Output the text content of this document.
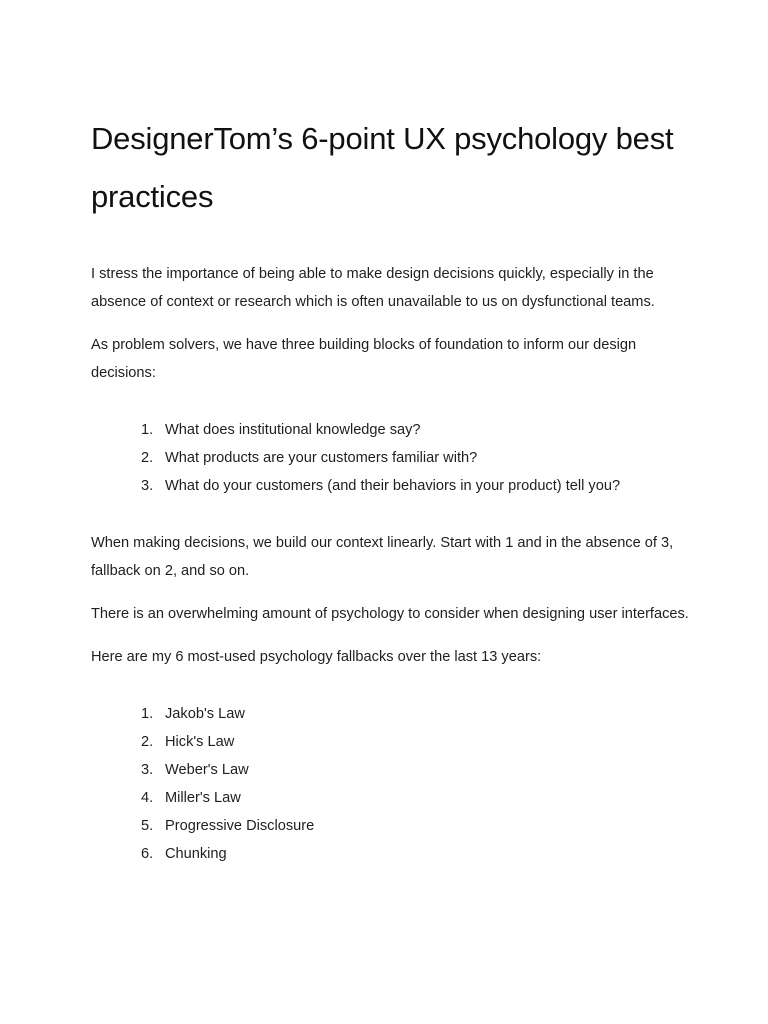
DesignerTom’s 6-point UX psychology best practices

I stress the importance of being able to make design decisions quickly, especially in the absence of context or research which is often unavailable to us on dysfunctional teams.

As problem solvers, we have three building blocks of foundation to inform our design decisions:

1. What does institutional knowledge say?
2. What products are your customers familiar with?
3. What do your customers (and their behaviors in your product) tell you?

When making decisions, we build our context linearly. Start with 1 and in the absence of 3, fallback on 2, and so on.

There is an overwhelming amount of psychology to consider when designing user interfaces.

Here are my 6 most-used psychology fallbacks over the last 13 years:

1. Jakob's Law
2. Hick's Law
3. Weber's Law
4. Miller's Law
5. Progressive Disclosure
6. Chunking
